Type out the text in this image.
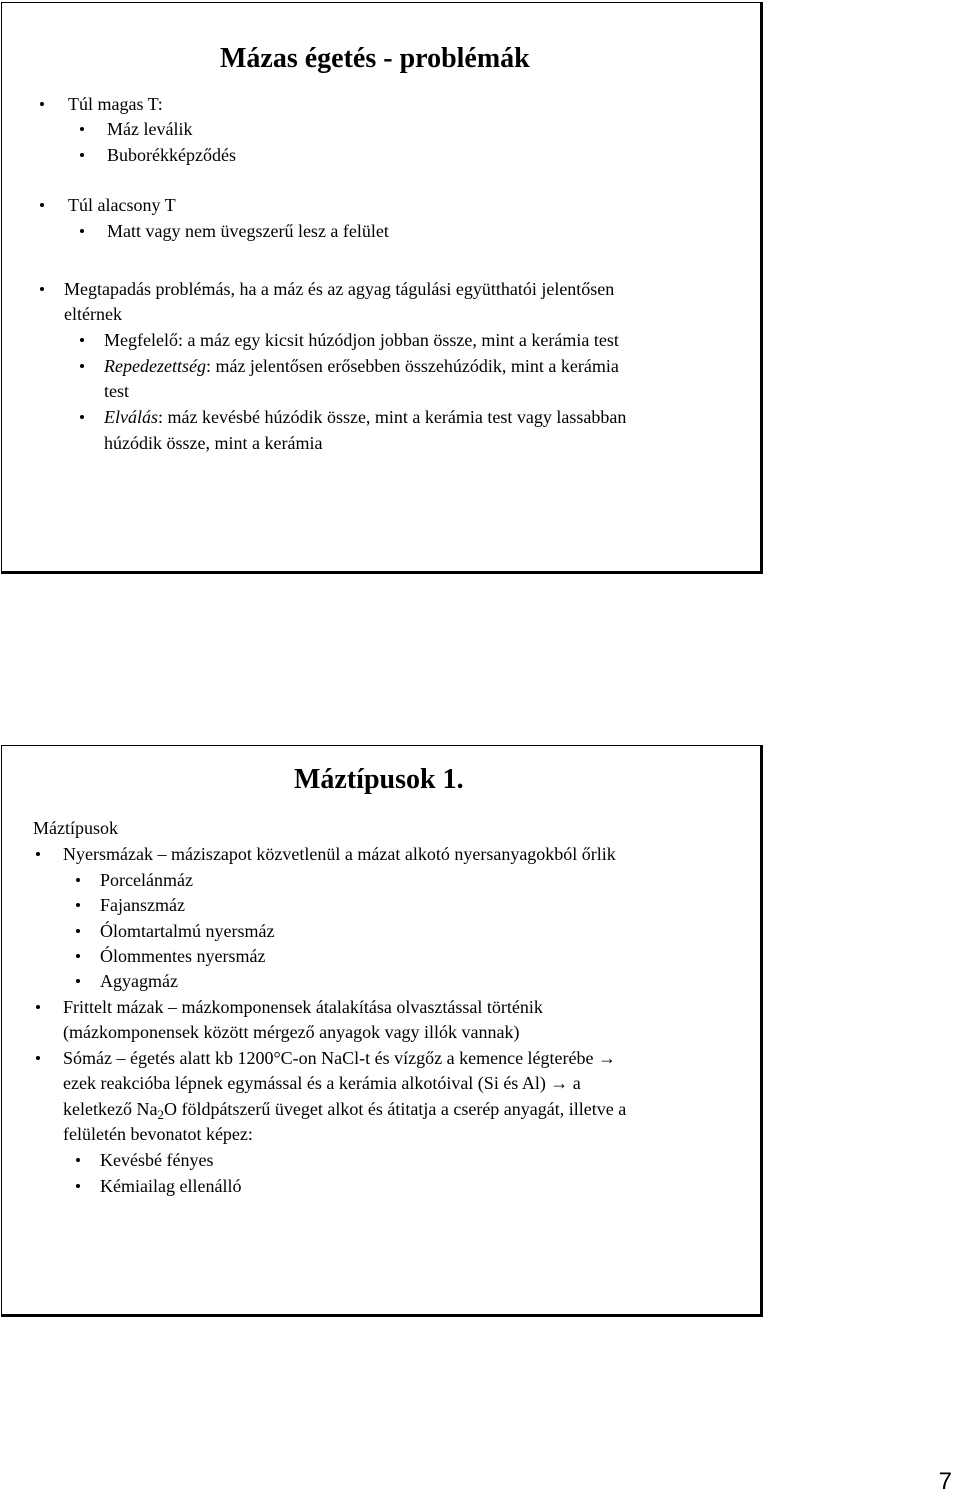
Mázas égetés - problémák
Túl magas T:
Máz leválik
Buborékképződés
Túl alacsony T
Matt vagy nem üvegszerű lesz a felület
Megtapadás problémás, ha a máz és az agyag tágulási együtthatói jelentősen
eltérnek
Megfelelő: a máz egy kicsit húzódjon jobban össze, mint a kerámia test
Repedezettség: máz jelentősen erősebben összehúzódik, mint a kerámia
test
Elválás: máz kevésbé húzódik össze, mint a kerámia test vagy lassabban
húzódik össze, mint a kerámia
Máztípusok 1.
Máztípusok
Nyersmázak – máziszapot közvetlenül a mázat alkotó nyersanyagokból őrlik
Porcelánmáz
Fajanszmáz
Ólomtartalmú nyersmáz
Ólommentes nyersmáz
Agyagmáz
Frittelt mázak – mázkomponensek átalakítása olvasztással történik
(mázkomponensek között mérgező anyagok vagy illók vannak)
Sómáz – égetés alatt kb 1200°C-on NaCl-t és vízgőz a kemence légterébe →
ezek reakcióba lépnek egymással és a kerámia alkotóival (Si és Al) → a
keletkező $Na_2O$ földpátszerű üveget alkot és átitatja a cserép anyagát, illetve a
felületén bevonatot képez:
Kevésbé fényes
Kémiailag ellenálló
7
